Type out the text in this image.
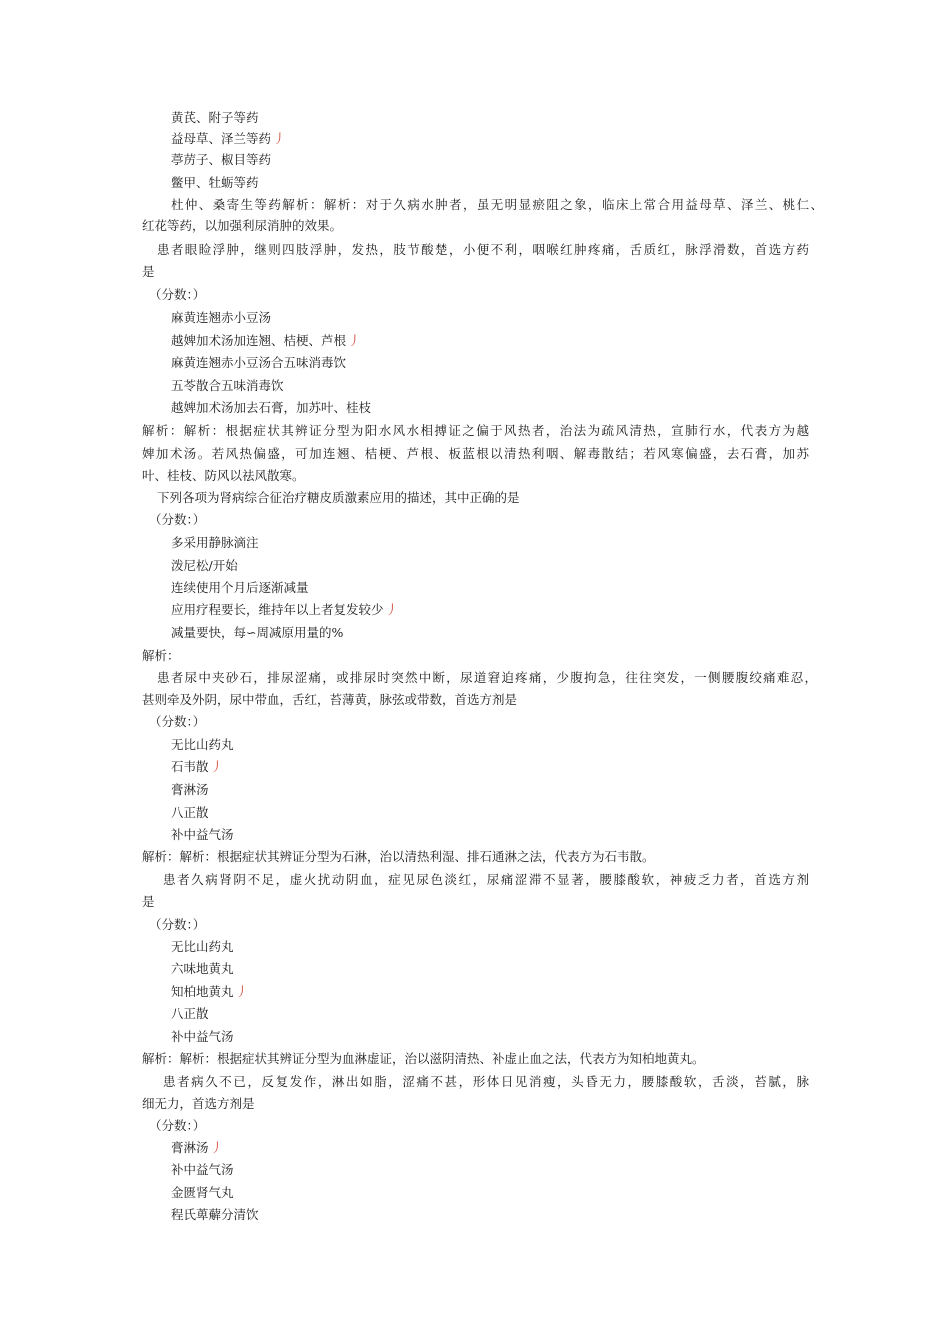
黄芪、附子等药
益母草、泽兰等药 丿
葶苈子、椒目等药
鳖甲、牡蛎等药
杜仲、桑寄生等药解析：解析：对于久病水肿者，虽无明显瘀阻之象，临床上常合用益母草、泽兰、桃仁、
红花等药，以加强利尿消肿的效果。
患者眼睑浮肿，继则四肢浮肿，发热，肢节酸楚，小便不利，咽喉红肿疼痛，舌质红，脉浮滑数，首选方药
是
（分数：）
麻黄连翘赤小豆汤
越婢加术汤加连翘、桔梗、芦根 丿
麻黄连翘赤小豆汤合五味消毒饮
五苓散合五味消毒饮
越婢加术汤加去石膏，加苏叶、桂枝
解析：解析：根据症状其辨证分型为阳水风水相搏证之偏于风热者，治法为疏风清热，宣肺行水，代表方为越
婢加术汤。若风热偏盛，可加连翘、桔梗、芦根、板蓝根以清热利咽、解毒散结；若风寒偏盛，去石膏，加苏
叶、桂枝、防风以祛风散寒。
下列各项为肾病综合征治疗糖皮质激素应用的描述，其中正确的是
（分数：）
多采用静脉滴注
泼尼松/开始
连续使用个月后逐渐减量
应用疗程要长，维持年以上者复发较少 丿
减量要快，每∽周减原用量的%
解析：
患者尿中夹砂石，排尿涩痛，或排尿时突然中断，尿道窘迫疼痛，少腹拘急，往往突发，一侧腰腹绞痛难忍，
甚则牵及外阴，尿中带血，舌红，苔薄黄，脉弦或带数，首选方剂是
（分数：）
无比山药丸
石韦散 丿
膏淋汤
八正散
补中益气汤
解析：解析：根据症状其辨证分型为石淋，治以清热利湿、排石通淋之法，代表方为石韦散。
患者久病肾阴不足，虚火扰动阴血，症见尿色淡红，尿痛涩滞不显著，腰膝酸软，神疲乏力者，首选方剂
是
（分数：）
无比山药丸
六味地黄丸
知柏地黄丸 丿
八正散
补中益气汤
解析：解析：根据症状其辨证分型为血淋虚证，治以滋阴清热、补虚止血之法，代表方为知柏地黄丸。
患者病久不已，反复发作，淋出如脂，涩痛不甚，形体日见消瘦，头昏无力，腰膝酸软，舌淡，苔腻，脉
细无力，首选方剂是
（分数：）
膏淋汤 丿
补中益气汤
金匮肾气丸
程氏萆薢分清饮
